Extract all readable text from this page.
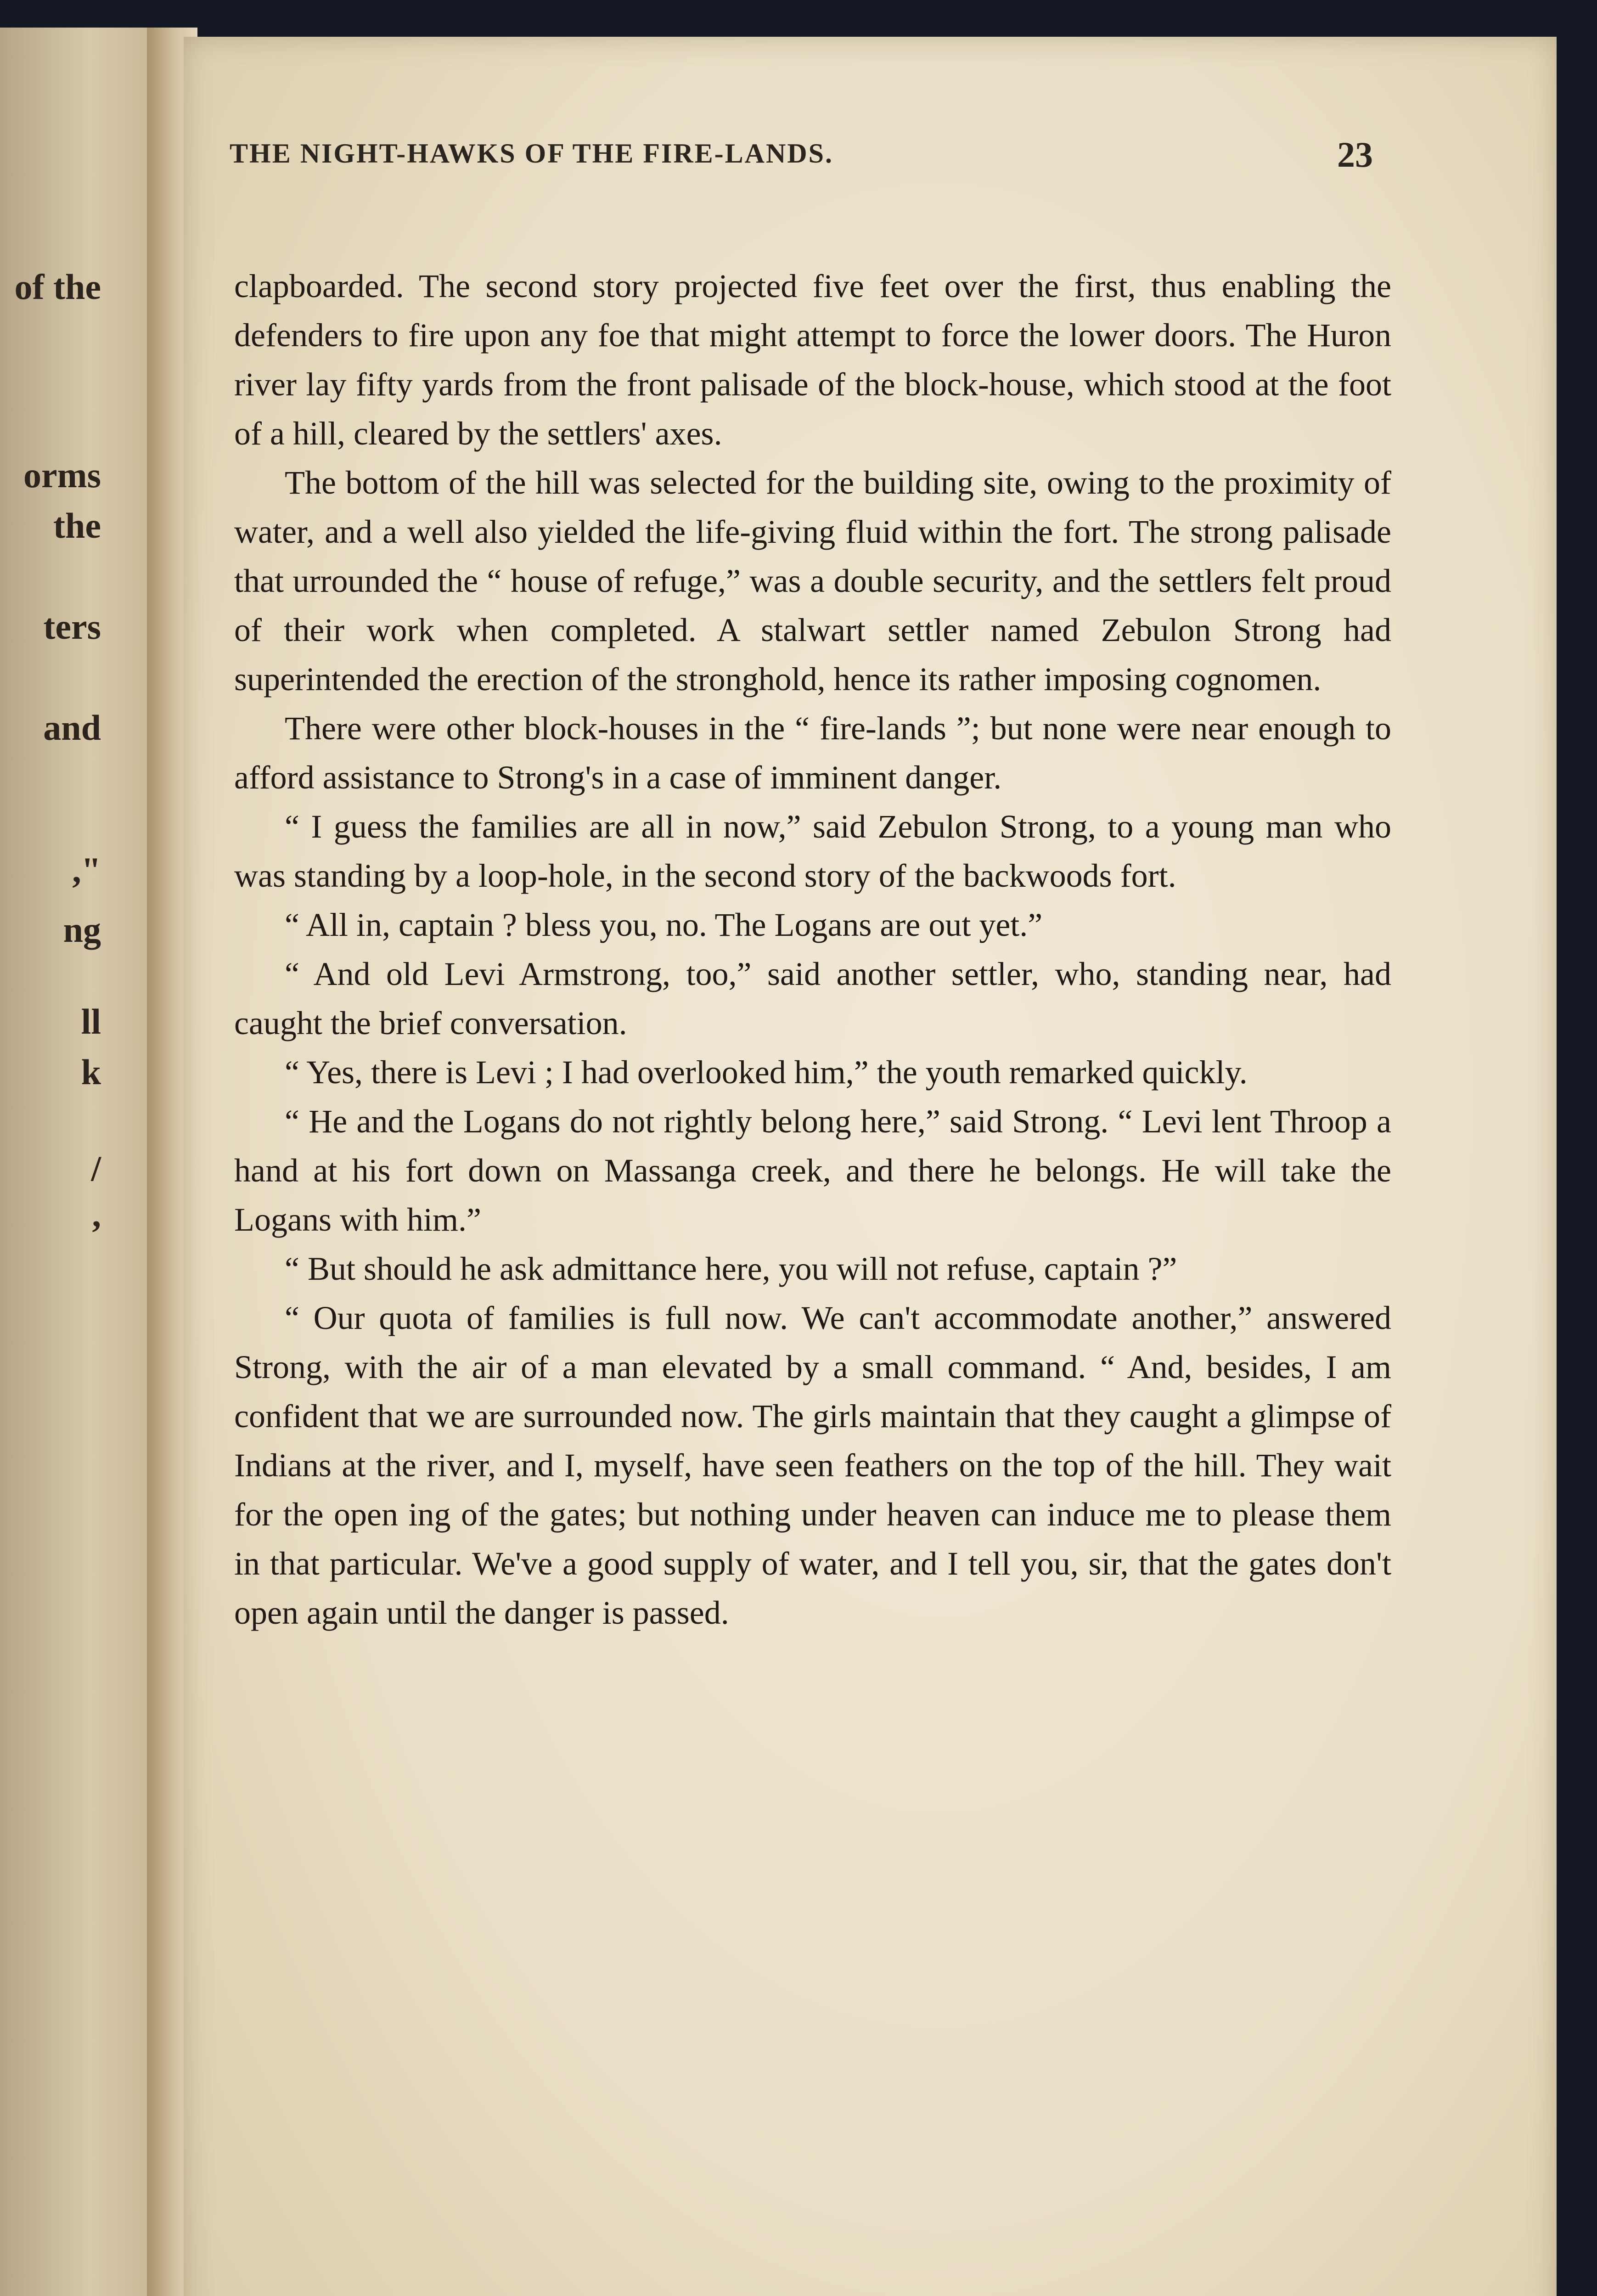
of the
orms
the
ters
and
,"
ng
ll
k
/
,
THE NIGHT-HAWKS OF THE FIRE-LANDS.	23

clapboarded. The second story projected five feet over the first, thus enabling the defenders to fire upon any foe that might attempt to force the lower doors. The Huron river lay fifty yards from the front palisade of the block-house, which stood at the foot of a hill, cleared by the settlers' axes.

The bottom of the hill was selected for the building site, owing to the proximity of water, and a well also yielded the life-giving fluid within the fort. The strong palisade that urrounded the “ house of refuge,” was a double security, and the settlers felt proud of their work when completed. A stalwart settler named Zebulon Strong had superintended the erection of the stronghold, hence its rather imposing cognomen.

There were other block-houses in the “ fire-lands ”; but none were near enough to afford assistance to Strong's in a case of imminent danger.

“ I guess the families are all in now,” said Zebulon Strong, to a young man who was standing by a loop-hole, in the second story of the backwoods fort.

“ All in, captain ? bless you, no. The Logans are out yet.”

“ And old Levi Armstrong, too,” said another settler, who, standing near, had caught the brief conversation.

“ Yes, there is Levi ; I had overlooked him,” the youth remarked quickly.

“ He and the Logans do not rightly belong here,” said Strong. “ Levi lent Throop a hand at his fort down on Massanga creek, and there he belongs. He will take the Logans with him.”

“ But should he ask admittance here, you will not refuse, captain ?”

“ Our quota of families is full now. We can't accommodate another,” answered Strong, with the air of a man elevated by a small command. “ And, besides, I am confident that we are surrounded now. The girls maintain that they caught a glimpse of Indians at the river, and I, myself, have seen feathers on the top of the hill. They wait for the open ing of the gates; but nothing under heaven can induce me to please them in that particular. We've a good supply of water, and I tell you, sir, that the gates don't open again until the danger is passed.
